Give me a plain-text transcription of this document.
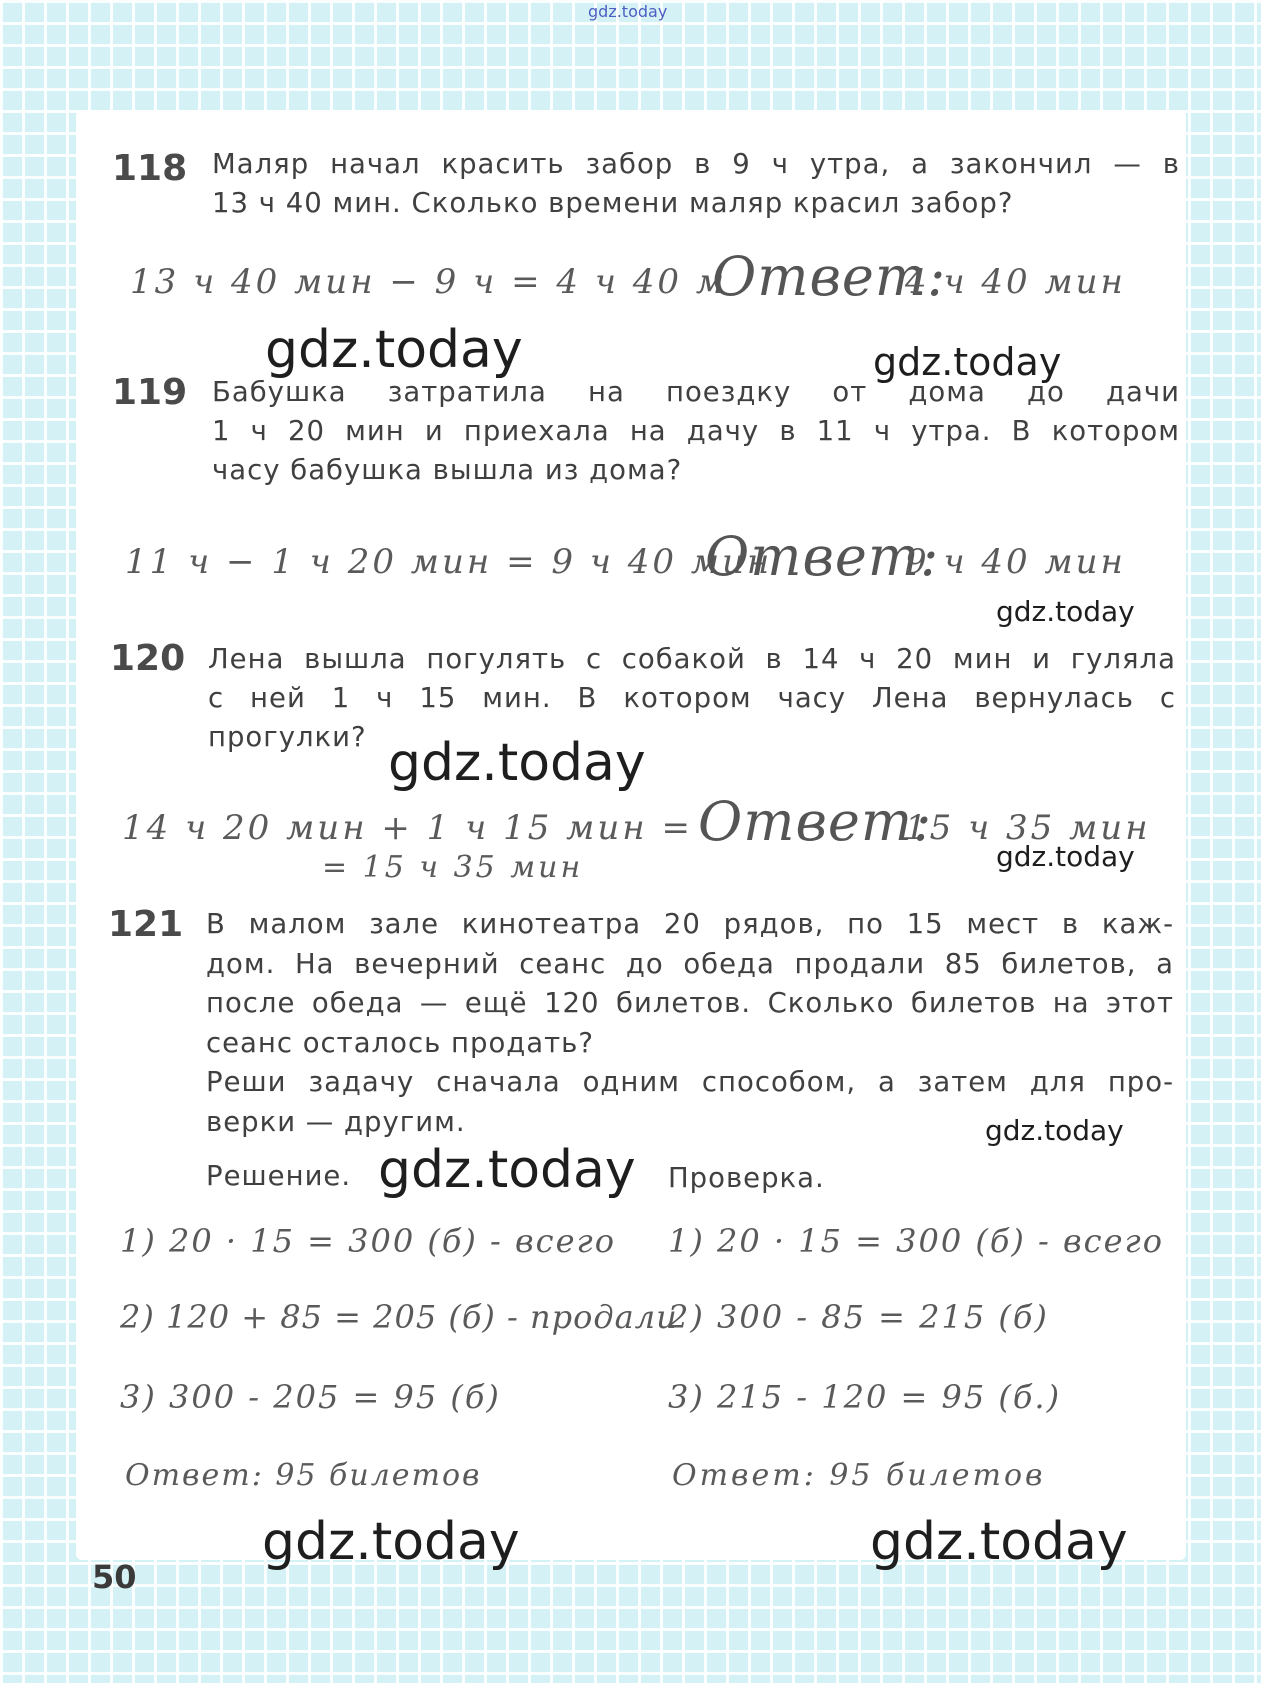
gdz.today
118 Маляр начал красить забор в 9 ч утра, а закончил — в
13 ч 40 мин. Сколько времени маляр красил забор?
13 ч 40 мин − 9 ч = 4 ч 40 м
Ответ:
4 ч 40 мин
gdz.today	gdz.today
119 Бабушка затратила на поездку от дома до дачи
1 ч 20 мин и приехала на дачу в 11 ч утра. В котором
часу бабушка вышла из дома?
11 ч − 1 ч 20 мин = 9 ч 40 мин
Ответ:
9 ч 40 мин
gdz.today
120 Лена вышла погулять с собакой в 14 ч 20 мин и гуляла
с ней 1 ч 15 мин. В котором часу Лена вернулась с
прогулки? gdz.today
14 ч 20 мин + 1 ч 15 мин =
= 15 ч 35 мин
Ответ:
15 ч 35 мин
gdz.today
121 В малом зале кинотеатра 20 рядов, по 15 мест в каж-
дом. На вечерний сеанс до обеда продали 85 билетов, а
после обеда — ещё 120 билетов. Сколько билетов на этот
сеанс осталось продать?
Реши задачу сначала одним способом, а затем для про-
верки — другим.	gdz.today
Решение. gdz.today Проверка.
1) 20 · 15 = 300 (б) - всего
2) 120 + 85 = 205 (б) - продали
3) 300 - 205 = 95 (б)
Ответ: 95 билетов
1) 20 · 15 = 300 (б) - всего
2) 300 - 85 = 215 (б)
3) 215 - 120 = 95 (б.)
Ответ: 95 билетов
gdz.today	gdz.today
50
